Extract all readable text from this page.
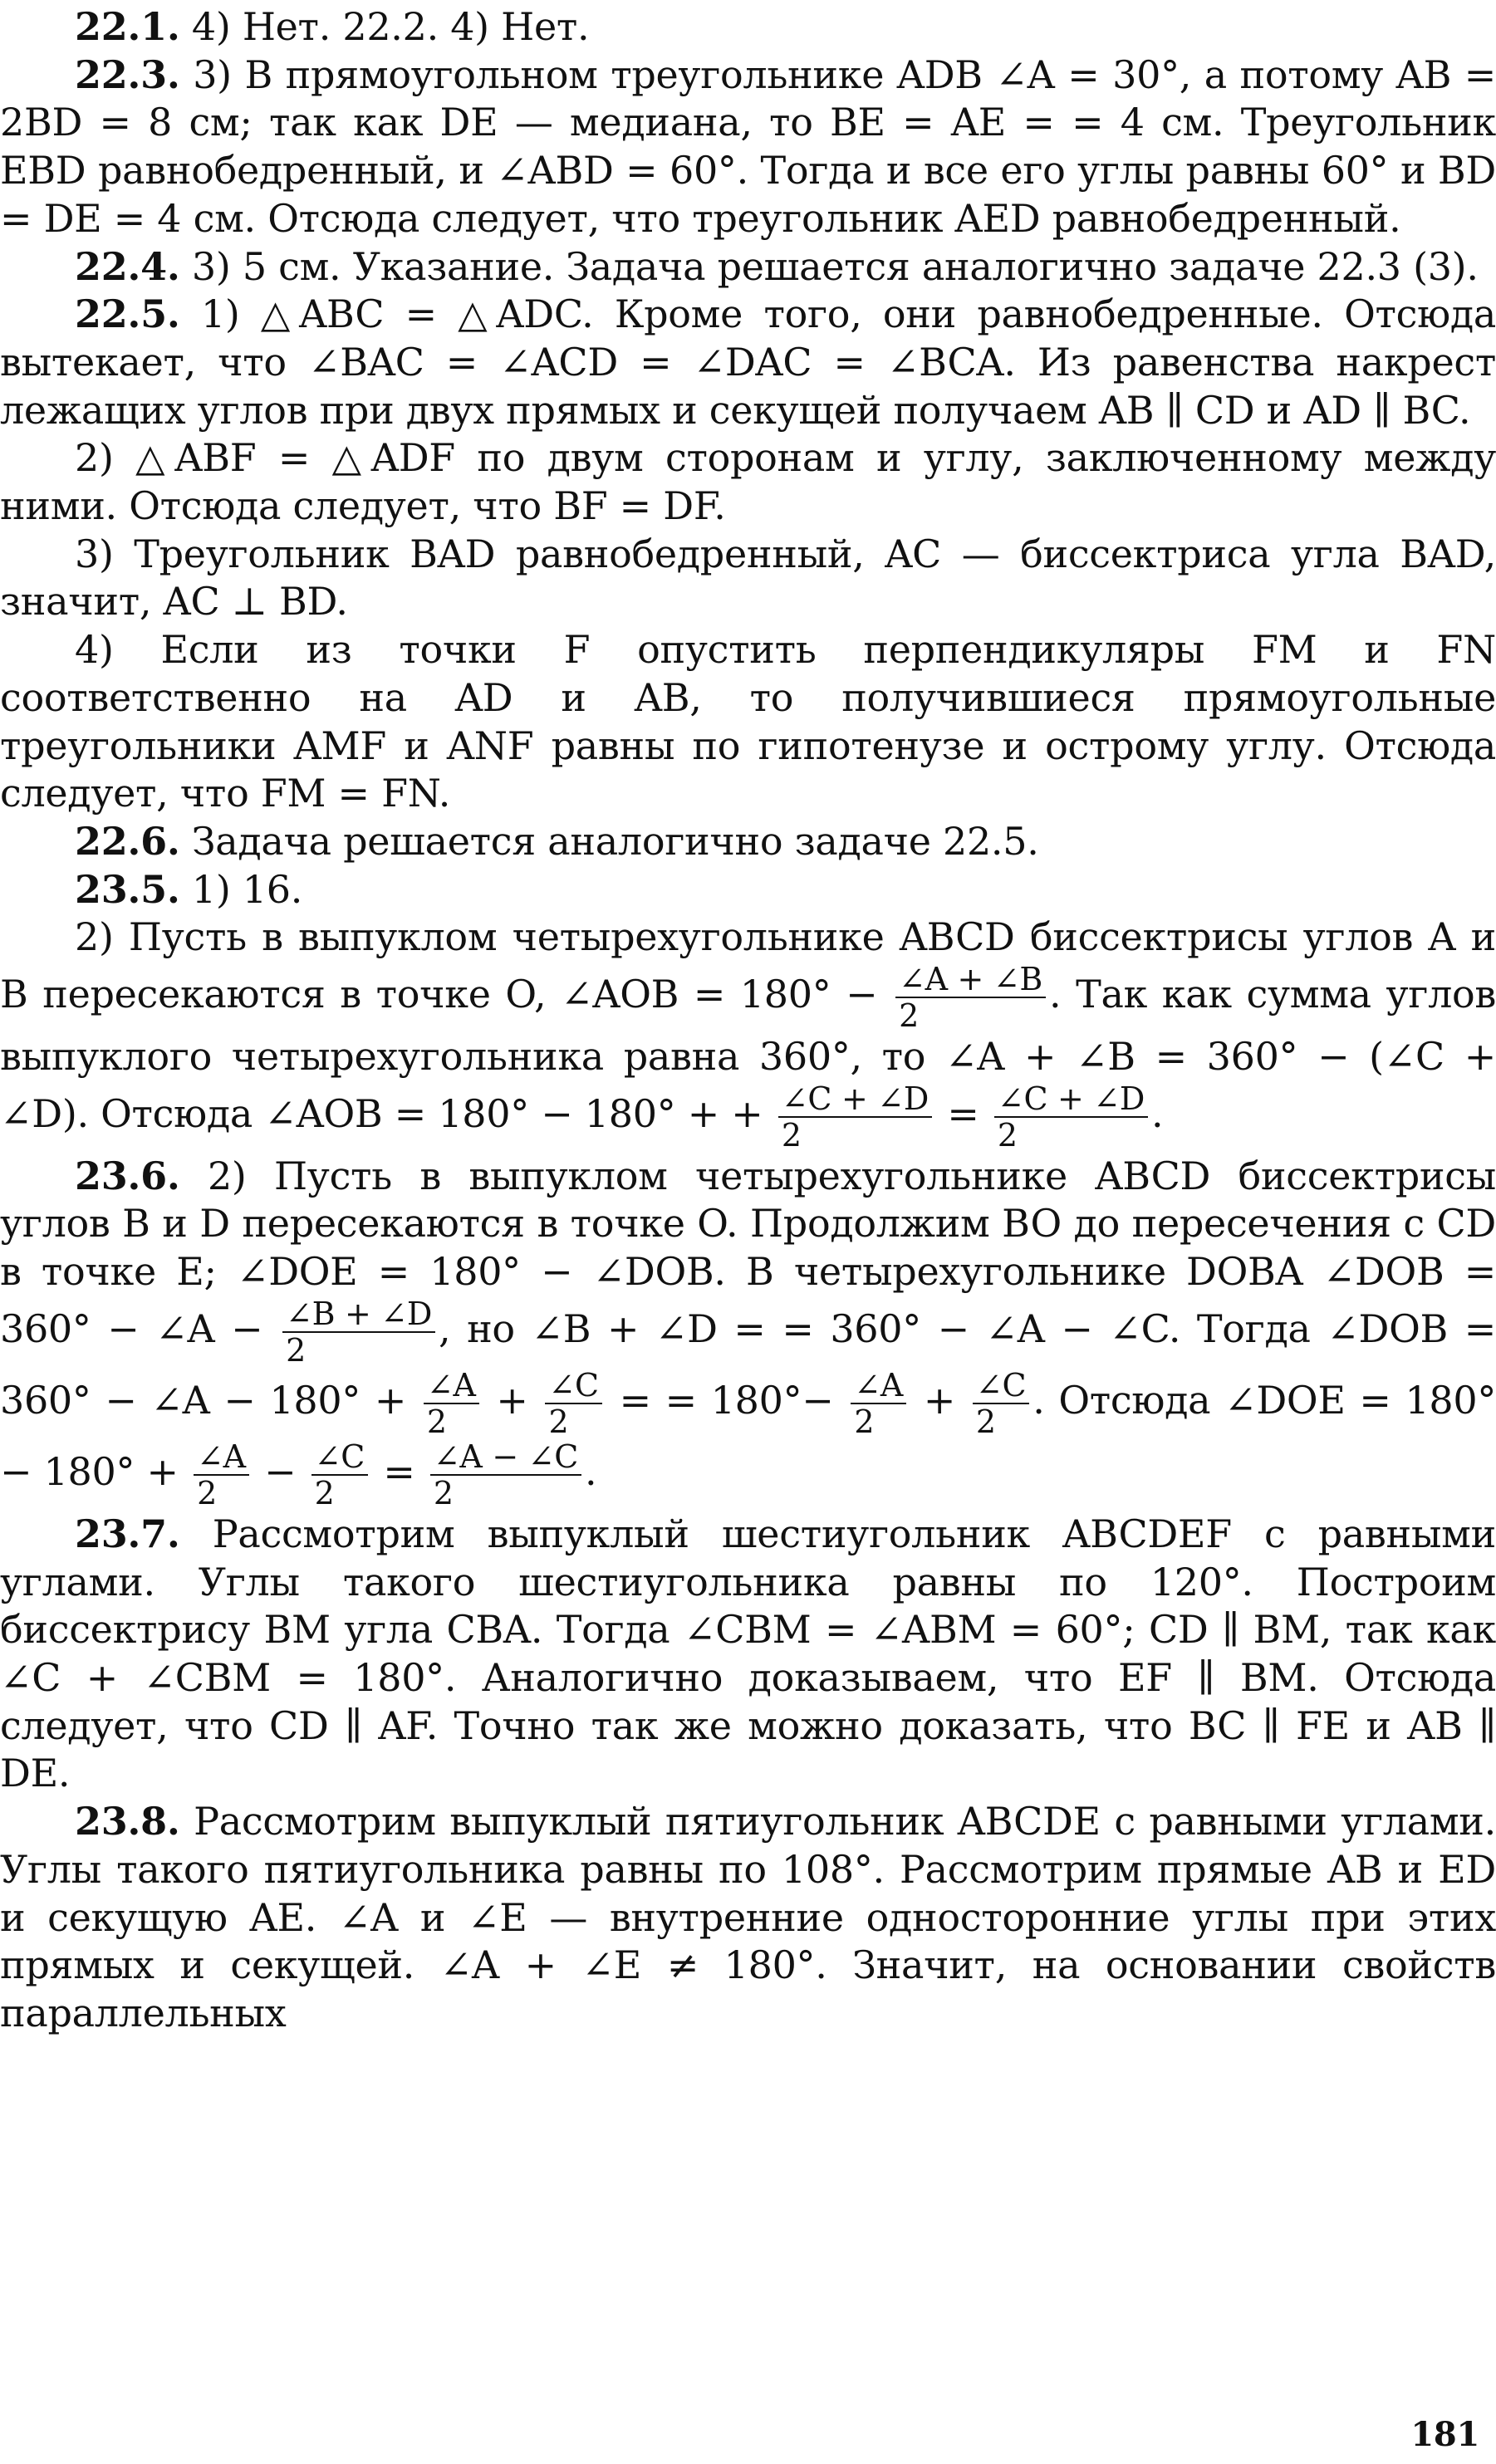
22.1. 4) Нет. 22.2. 4) Нет.

22.3. 3) В прямоугольном треугольнике ADB ∠A = 30°, а потому AB = 2BD = 8 см; так как DE — медиана, то BE = AE = = 4 см. Треугольник EBD равнобедренный, и ∠ABD = 60°. Тогда и все его углы равны 60° и BD = DE = 4 см. Отсюда следует, что треугольник AED равнобедренный.

22.4. 3) 5 см. Указание. Задача решается аналогично задаче 22.3 (3).

22.5. 1) △ABC = △ADC. Кроме того, они равнобедренные. Отсюда вытекает, что ∠BAC = ∠ACD = ∠DAC = ∠BCA. Из равенства накрест лежащих углов при двух прямых и секущей получаем AB ∥ CD и AD ∥ BC.

2) △ABF = △ADF по двум сторонам и углу, заключенному между ними. Отсюда следует, что BF = DF.

3) Треугольник BAD равнобедренный, AC — биссектриса угла BAD, значит, AC ⊥ BD.

4) Если из точки F опустить перпендикуляры FM и FN соответственно на AD и AB, то получившиеся прямоугольные треугольники AMF и ANF равны по гипотенузе и острому углу. Отсюда следует, что FM = FN.

22.6. Задача решается аналогично задаче 22.5.

23.5. 1) 16.

2) Пусть в выпуклом четырехугольнике ABCD биссектрисы углов A и B пересекаются в точке O, ∠AOB = $180^\circ - \frac{\angle A + \angle B}{2}$ . Так как сумма углов выпуклого четырехугольника равна 360°, то ∠A + ∠B = 360° − (∠C + ∠D). Отсюда ∠AOB = 180° − 180° + + $\frac{\angle C + \angle D}{2} = \frac{\angle C + \angle D}{2}$ .

23.6. 2) Пусть в выпуклом четырехугольнике ABCD биссектрисы углов B и D пересекаются в точке O. Продолжим BO до пересечения с CD в точке E; ∠DOE = 180° − ∠DOB. В четырехугольнике DOBA ∠DOB = 360° − ∠A − $\frac{\angle B + \angle D}{2}$ , но ∠B + ∠D = = 360° − ∠A − ∠C. Тогда ∠DOB = 360° − ∠A − $180^\circ + \frac{\angle A}{2} + \frac{\angle C}{2}$ = = $180^\circ- \frac{\angle A}{2} + \frac{\angle C}{2}$ . Отсюда ∠DOE = $180^\circ - 180^\circ + \frac{\angle A}{2} - \frac{\angle C}{2} = \frac{\angle A - \angle C}{2}$ .

23.7. Рассмотрим выпуклый шестиугольник ABCDEF с равными углами. Углы такого шестиугольника равны по 120°. Построим биссектрису BM угла CBA. Тогда ∠CBM = ∠ABM = 60°; CD ∥ BM, так как ∠C + ∠CBM = 180°. Аналогично доказываем, что EF ∥ BM. Отсюда следует, что CD ∥ AF. Точно так же можно доказать, что BC ∥ FE и AB ∥ DE.

23.8. Рассмотрим выпуклый пятиугольник ABCDE с равными углами. Углы такого пятиугольника равны по 108°. Рассмотрим прямые AB и ED и секущую AE. ∠A и ∠E — внутренние односторонние углы при этих прямых и секущей. ∠A + ∠E ≠ 180°. Значит, на основании свойств параллельных

181
